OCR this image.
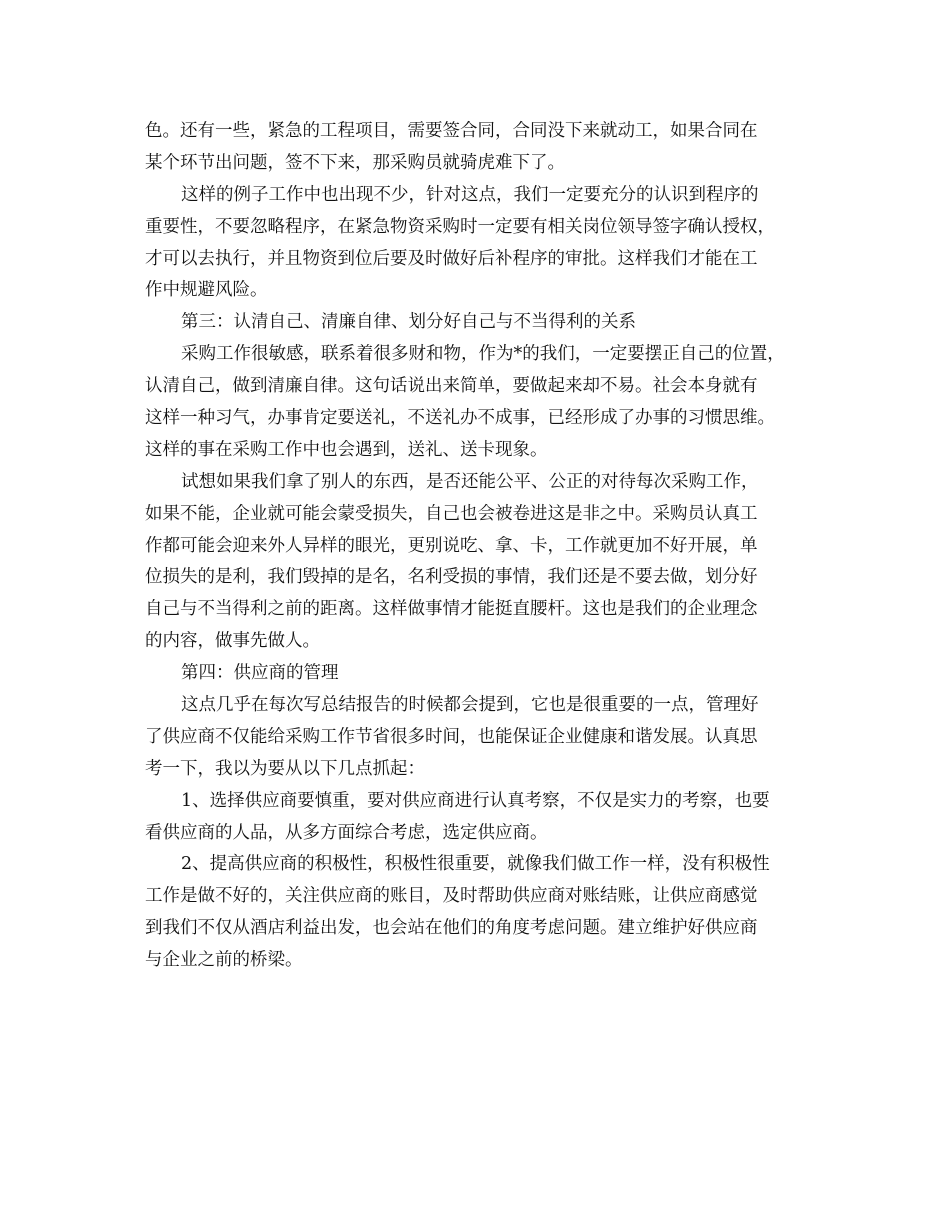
色。还有一些，紧急的工程项目，需要签合同，合同没下来就动工，如果合同在
某个环节出问题，签不下来，那采购员就骑虎难下了。
这样的例子工作中也出现不少，针对这点，我们一定要充分的认识到程序的
重要性，不要忽略程序，在紧急物资采购时一定要有相关岗位领导签字确认授权，
才可以去执行，并且物资到位后要及时做好后补程序的审批。这样我们才能在工
作中规避风险。
第三：认清自己、清廉自律、划分好自己与不当得利的关系
采购工作很敏感，联系着很多财和物，作为*的我们，一定要摆正自己的位置，
认清自己，做到清廉自律。这句话说出来简单，要做起来却不易。社会本身就有
这样一种习气，办事肯定要送礼，不送礼办不成事，已经形成了办事的习惯思维。
这样的事在采购工作中也会遇到，送礼、送卡现象。
试想如果我们拿了别人的东西，是否还能公平、公正的对待每次采购工作，
如果不能，企业就可能会蒙受损失，自己也会被卷进这是非之中。采购员认真工
作都可能会迎来外人异样的眼光，更别说吃、拿、卡，工作就更加不好开展，单
位损失的是利，我们毁掉的是名，名利受损的事情，我们还是不要去做，划分好
自己与不当得利之前的距离。这样做事情才能挺直腰杆。这也是我们的企业理念
的内容，做事先做人。
第四：供应商的管理
这点几乎在每次写总结报告的时候都会提到，它也是很重要的一点，管理好
了供应商不仅能给采购工作节省很多时间，也能保证企业健康和谐发展。认真思
考一下，我以为要从以下几点抓起：
1、选择供应商要慎重，要对供应商进行认真考察，不仅是实力的考察，也要
看供应商的人品，从多方面综合考虑，选定供应商。
2、提高供应商的积极性，积极性很重要，就像我们做工作一样，没有积极性
工作是做不好的，关注供应商的账目，及时帮助供应商对账结账，让供应商感觉
到我们不仅从酒店利益出发，也会站在他们的角度考虑问题。建立维护好供应商
与企业之前的桥梁。
